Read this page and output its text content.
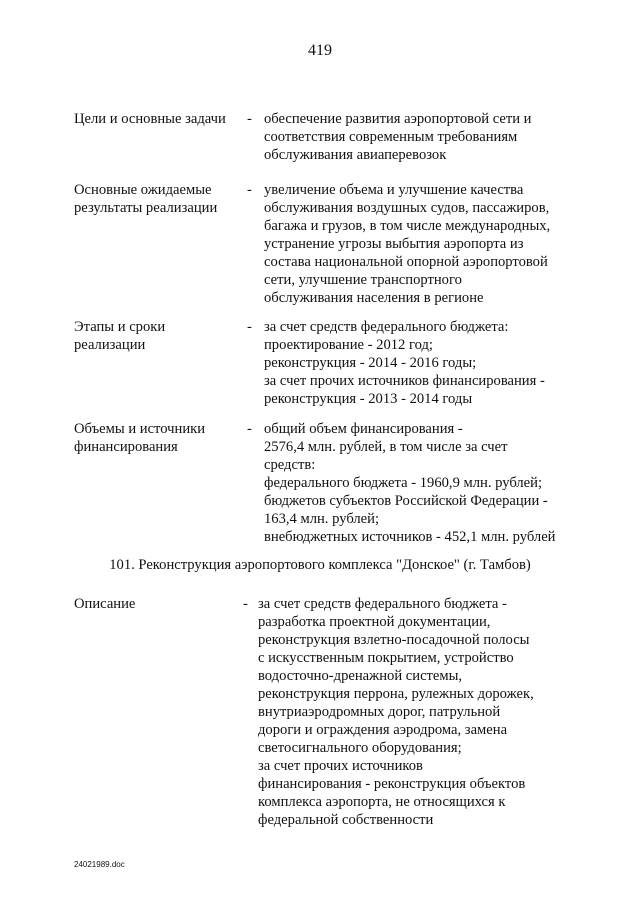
419
Цели и основные задачи - обеспечение развития аэропортовой сети и
соответствия современным требованиям
обслуживания авиаперевозок
Основные ожидаемые
результаты реализации
- увеличение объема и улучшение качества
обслуживания воздушных судов, пассажиров,
багажа и грузов, в том числе международных,
устранение угрозы выбытия аэропорта из
состава национальной опорной аэропортовой
сети, улучшение транспортного
обслуживания населения в регионе
Этапы и сроки
реализации
- за счет средств федерального бюджета:
проектирование - 2012 год;
реконструкция - 2014 - 2016 годы;
за счет прочих источников финансирования -
реконструкция - 2013 - 2014 годы
Объемы и источники
финансирования
- общий объем финансирования -
2576,4 млн. рублей, в том числе за счет
средств:
федерального бюджета - 1960,9 млн. рублей;
бюджетов субъектов Российской Федерации -
163,4 млн. рублей;
внебюджетных источников - 452,1 млн. рублей
101. Реконструкция аэропортового комплекса "Донское" (г. Тамбов)
Описание	- за счет средств федерального бюджета -
разработка проектной документации,
реконструкция взлетно-посадочной полосы
с искусственным покрытием, устройство
водосточно-дренажной системы,
реконструкция перрона, рулежных дорожек,
внутриаэродромных дорог, патрульной
дороги и ограждения аэродрома, замена
светосигнального оборудования;
за счет прочих источников
финансирования - реконструкция объектов
комплекса аэропорта, не относящихся к
федеральной собственности
24021989.doc
